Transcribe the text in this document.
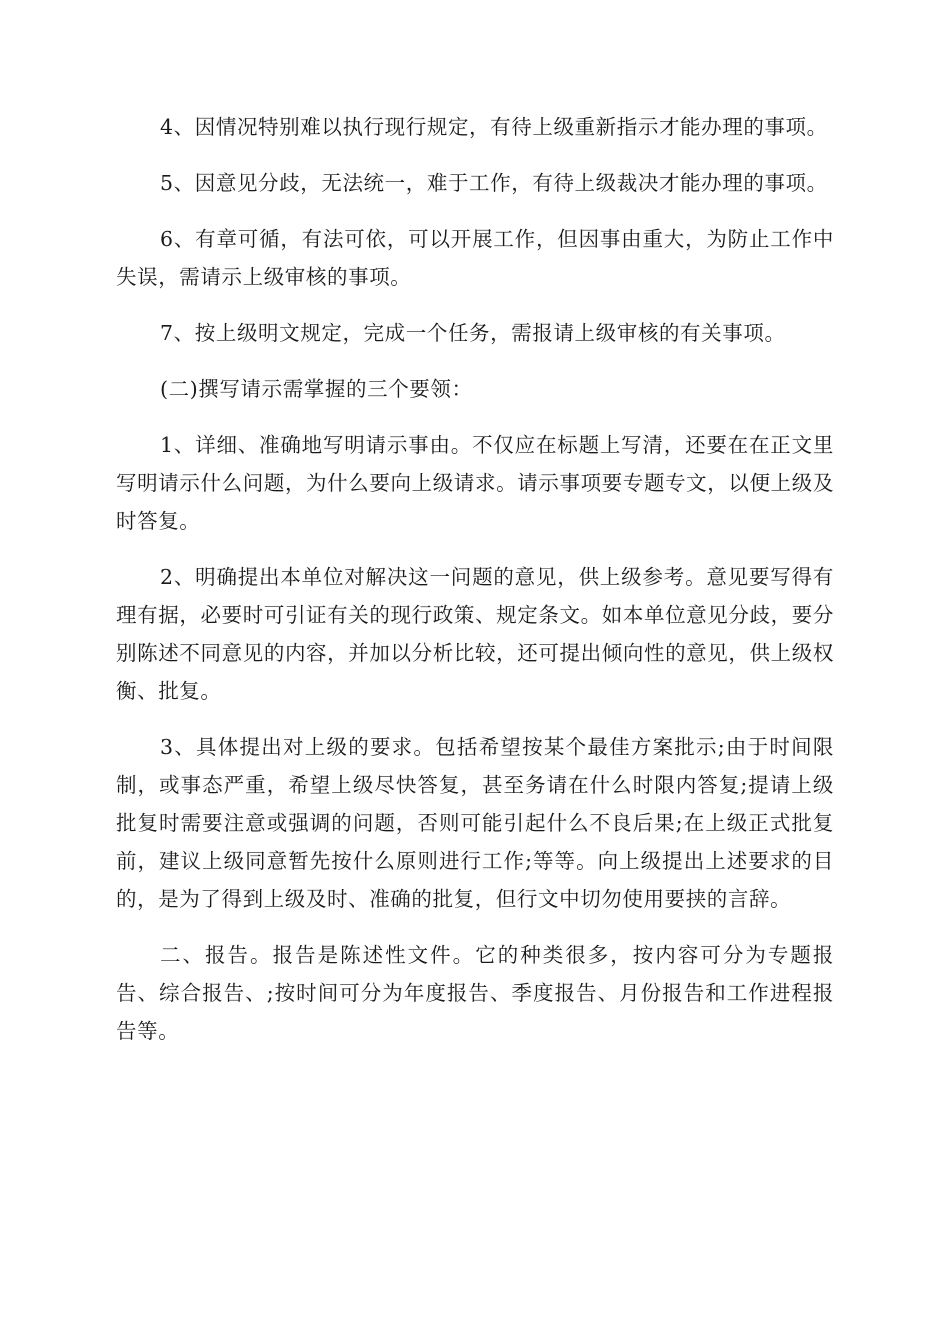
4、因情况特别难以执行现行规定，有待上级重新指示才能办理的事项。

5、因意见分歧，无法统一，难于工作，有待上级裁决才能办理的事项。

6、有章可循，有法可依，可以开展工作，但因事由重大，为防止工作中失误，需请示上级审核的事项。

7、按上级明文规定，完成一个任务，需报请上级审核的有关事项。

(二)撰写请示需掌握的三个要领：

1、详细、准确地写明请示事由。不仅应在标题上写清，还要在在正文里写明请示什么问题，为什么要向上级请求。请示事项要专题专文，以便上级及时答复。

2、明确提出本单位对解决这一问题的意见，供上级参考。意见要写得有理有据，必要时可引证有关的现行政策、规定条文。如本单位意见分歧，要分别陈述不同意见的内容，并加以分析比较，还可提出倾向性的意见，供上级权衡、批复。

3、具体提出对上级的要求。包括希望按某个最佳方案批示;由于时间限制，或事态严重，希望上级尽快答复，甚至务请在什么时限内答复;提请上级批复时需要注意或强调的问题，否则可能引起什么不良后果;在上级正式批复前，建议上级同意暂先按什么原则进行工作;等等。向上级提出上述要求的目的，是为了得到上级及时、准确的批复，但行文中切勿使用要挟的言辞。

二、报告。报告是陈述性文件。它的种类很多，按内容可分为专题报告、综合报告、;按时间可分为年度报告、季度报告、月份报告和工作进程报告等。
